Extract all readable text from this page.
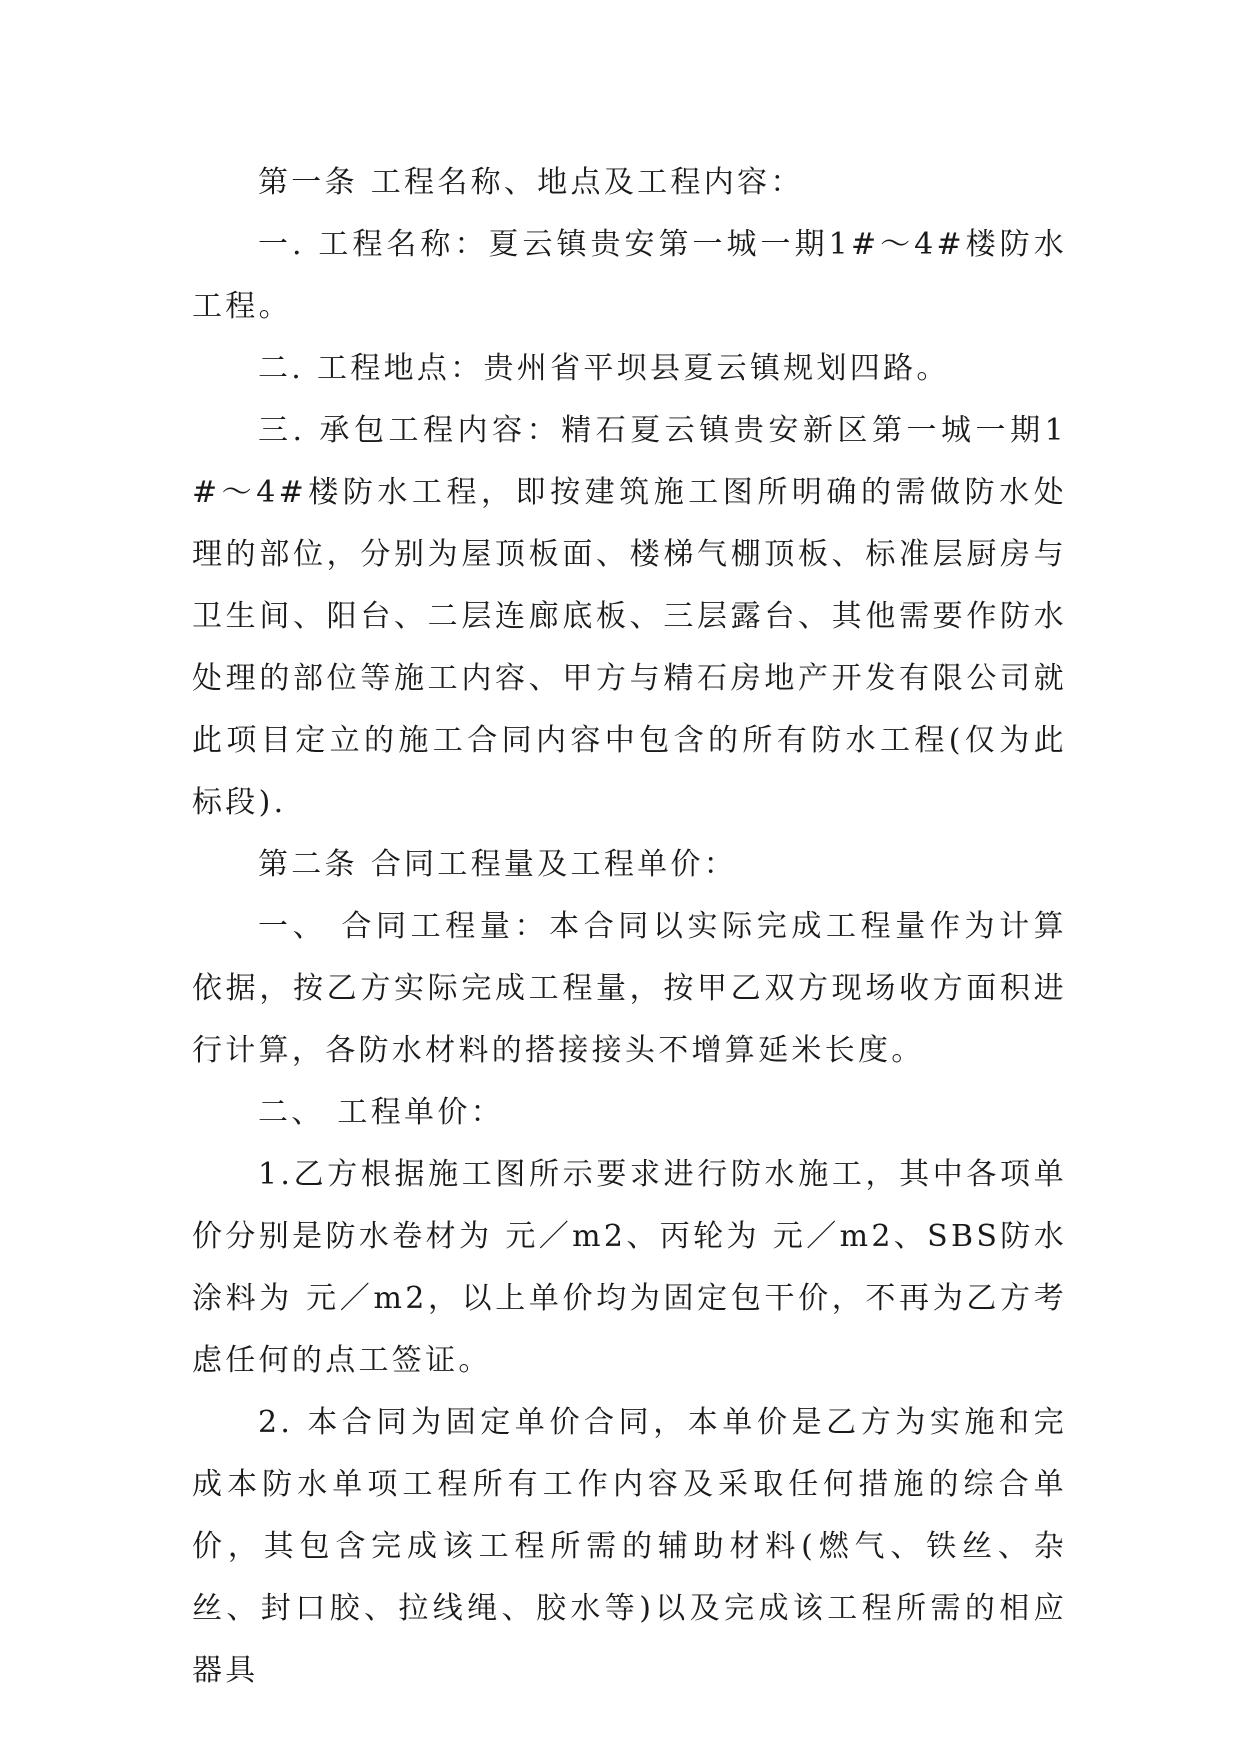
第一条 工程名称、地点及工程内容：

一. 工程名称：夏云镇贵安第一城一期1#～4#楼防水工程。

二. 工程地点：贵州省平坝县夏云镇规划四路。

三. 承包工程内容：精石夏云镇贵安新区第一城一期1#～4#楼防水工程，即按建筑施工图所明确的需做防水处理的部位，分别为屋顶板面、楼梯气棚顶板、标准层厨房与卫生间、阳台、二层连廊底板、三层露台、其他需要作防水处理的部位等施工内容、甲方与精石房地产开发有限公司就此项目定立的施工合同内容中包含的所有防水工程(仅为此标段).

第二条 合同工程量及工程单价：

一、 合同工程量：本合同以实际完成工程量作为计算依据，按乙方实际完成工程量，按甲乙双方现场收方面积进行计算，各防水材料的搭接接头不增算延米长度。

二、 工程单价：

1.乙方根据施工图所示要求进行防水施工，其中各项单价分别是防水卷材为 元／m2、丙轮为 元／m2、SBS防水涂料为 元／m2，以上单价均为固定包干价，不再为乙方考虑任何的点工签证。

2. 本合同为固定单价合同，本单价是乙方为实施和完成本防水单项工程所有工作内容及采取任何措施的综合单价，其包含完成该工程所需的辅助材料(燃气、铁丝、杂丝、封口胶、拉线绳、胶水等)以及完成该工程所需的相应器具
